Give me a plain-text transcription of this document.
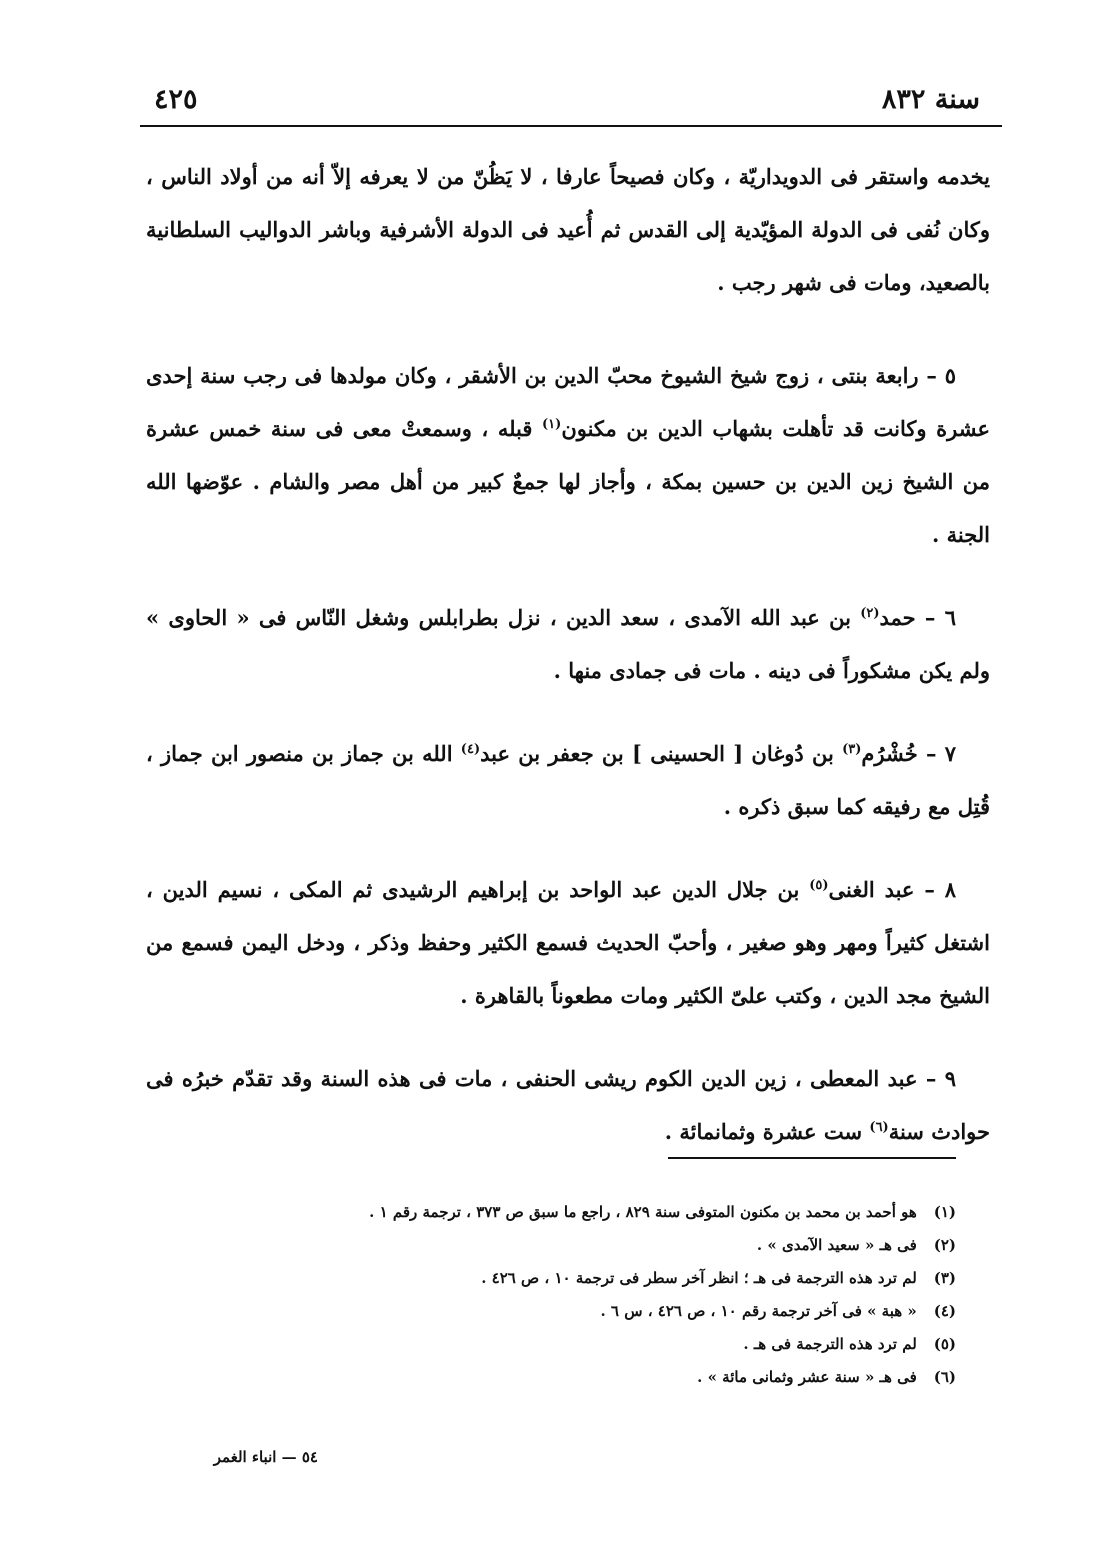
سنة ٨٣٢
٤٢٥

يخدمه واستقر فى الدويداريّة ، وكان فصيحاً عارفا ، لا يَظُنّ من لا يعرفه إلاّ أنه من أولاد الناس ، وكان نُفى فى الدولة المؤيّدية إلى القدس ثم أُعيد فى الدولة الأشرفية وباشر الدواليب السلطانية بالصعيد، ومات فى شهر رجب .

٥ – رابعة بنتى ، زوج شيخ الشيوخ محبّ الدين بن الأشقر ، وكان مولدها فى رجب سنة إحدى عشرة وكانت قد تأهلت بشهاب الدين بن مكنون$^{(١)}$ قبله ، وسمعتْ معى فى سنة خمس عشرة من الشيخ زين الدين بن حسين بمكة ، وأجاز لها جمعٌ كبير من أهل مصر والشام . عوّضها الله الجنة .

٦ – حمد$^{(٢)}$ بن عبد الله الآمدى ، سعد الدين ، نزل بطرابلس وشغل النّاس فى « الحاوى » ولم يكن مشكوراً فى دينه . مات فى جمادى منها .

٧ – خُشْرُم$^{(٣)}$ بن دُوغان [ الحسينى ] بن جعفر بن عبد$^{(٤)}$ الله بن جماز بن منصور ابن جماز ، قُتِل مع رفيقه كما سبق ذكره .

٨ – عبد الغنى$^{(٥)}$ بن جلال الدين عبد الواحد بن إبراهيم الرشيدى ثم المكى ، نسيم الدين ، اشتغل كثيراً ومهر وهو صغير ، وأحبّ الحديث فسمع الكثير وحفظ وذكر ، ودخل اليمن فسمع من الشيخ مجد الدين ، وكتب علىّ الكثير ومات مطعوناً بالقاهرة .

٩ – عبد المعطى ، زين الدين الكوم ريشى الحنفى ، مات فى هذه السنة وقد تقدّم خبرُه فى حوادث سنة$^{(٦)}$ ست عشرة وثمانمائة .

(١) هو أحمد بن محمد بن مكنون المتوفى سنة ٨٢٩ ، راجع ما سبق ص ٣٧٣ ، ترجمة رقم ١ .
(٢) فى هـ « سعيد الآمدى » .
(٣) لم ترد هذه الترجمة فى هـ ؛ انظر آخر سطر فى ترجمة ١٠ ، ص ٤٢٦ .
(٤) « هبة » فى آخر ترجمة رقم ١٠ ، ص ٤٢٦ ، س ٦ .
(٥) لم ترد هذه الترجمة فى هـ .
(٦) فى هـ « سنة عشر وثمانى مائة » .
٥٤ — انباء الغمر
